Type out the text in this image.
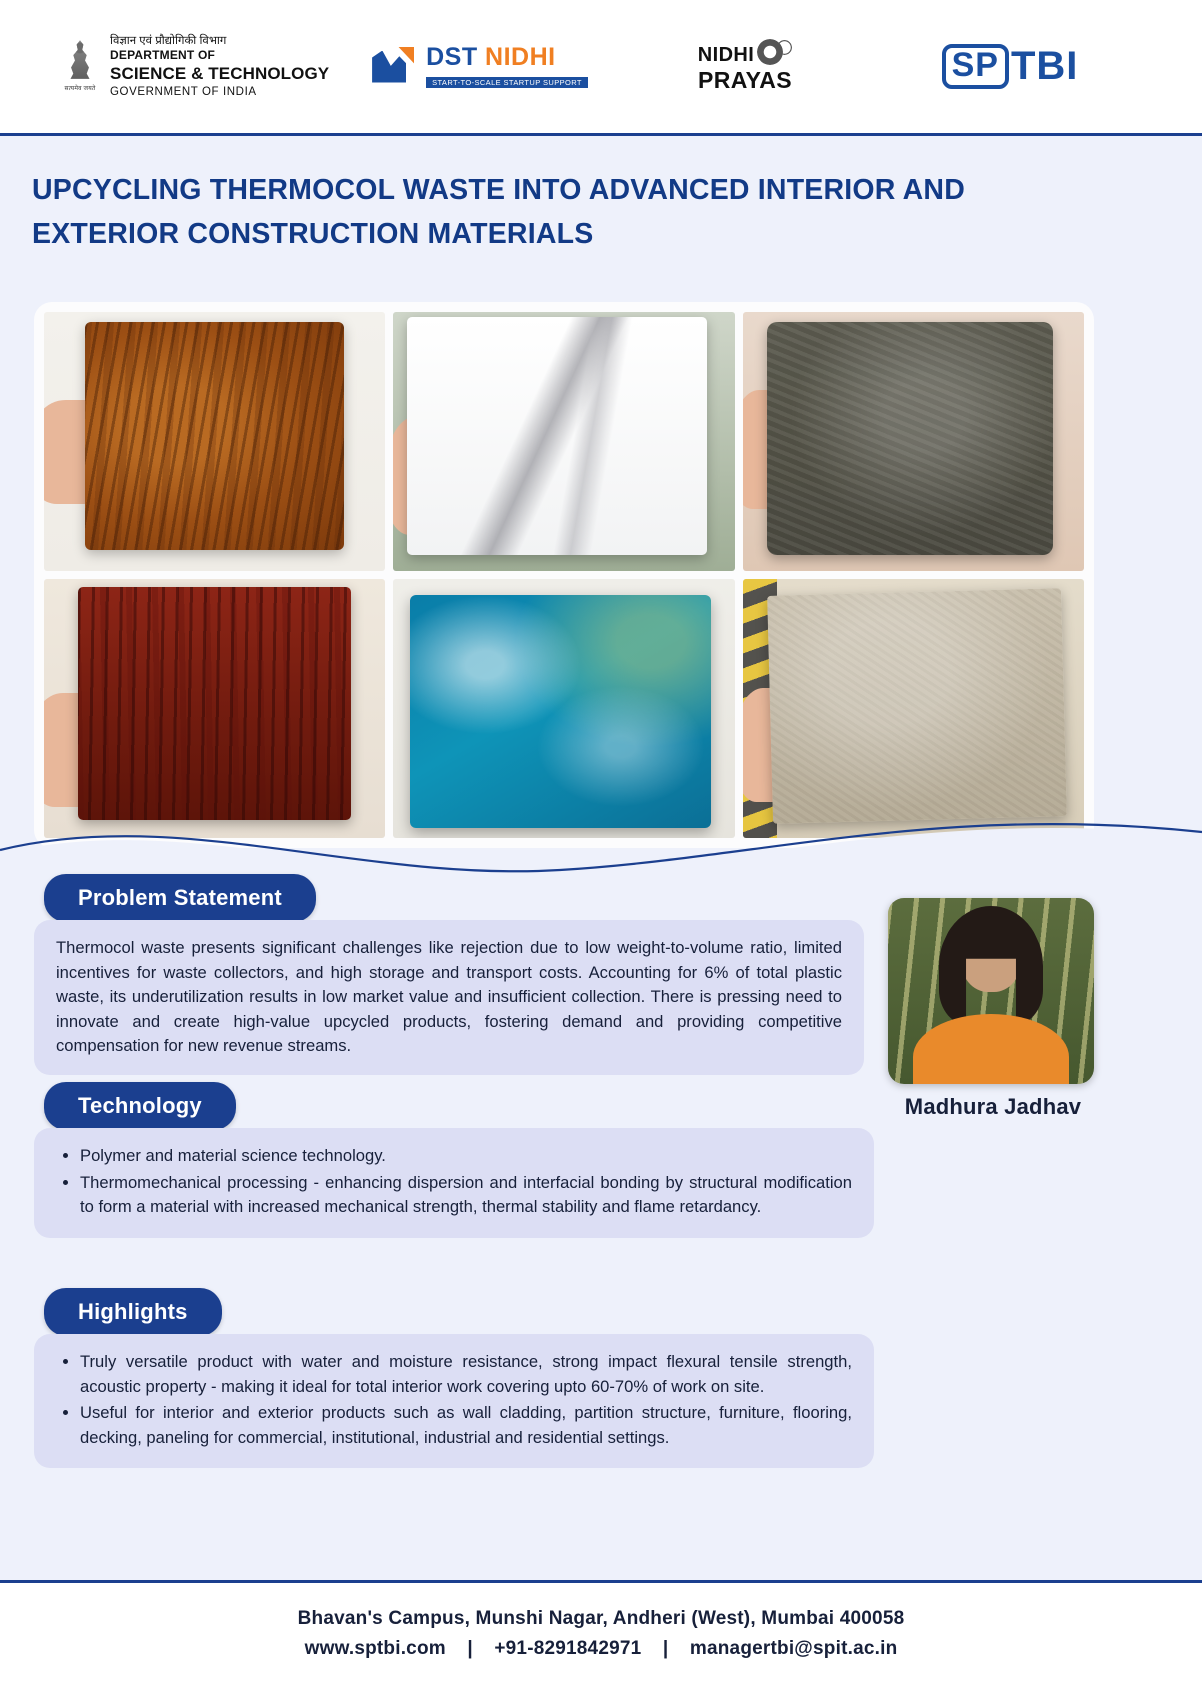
सत्यमेव जयते
विज्ञान एवं प्रौद्योगिकी विभाग
DEPARTMENT OF
SCIENCE & TECHNOLOGY
GOVERNMENT OF INDIA
DST NIDHI
START-TO-SCALE STARTUP SUPPORT
NIDHI
PRAYAS	SP TBI
UPCYCLING THERMOCOL WASTE INTO ADVANCED INTERIOR AND EXTERIOR CONSTRUCTION MATERIALS
Problem Statement
Thermocol waste presents significant challenges like rejection due to low weight-to-volume ratio, limited incentives for waste collectors, and high storage and transport costs. Accounting for 6% of total plastic waste, its underutilization results in low market value and insufficient collection. There is pressing need to innovate and create high-value upcycled products, fostering demand and providing competitive compensation for new revenue streams.
Technology
• Polymer and material science technology.
• Thermomechanical processing - enhancing dispersion and interfacial bonding by structural modification to form a material with increased mechanical strength, thermal stability and flame retardancy.
Highlights
• Truly versatile product with water and moisture resistance, strong impact flexural tensile strength, acoustic property - making it ideal for total interior work covering upto 60-70% of work on site.
• Useful for interior and exterior products such as wall cladding, partition structure, furniture, flooring, decking, paneling for commercial, institutional, industrial and residential settings.
Madhura Jadhav
Bhavan's Campus, Munshi Nagar, Andheri (West), Mumbai 400058
www.sptbi.com | +91-8291842971 | managertbi@spit.ac.in
